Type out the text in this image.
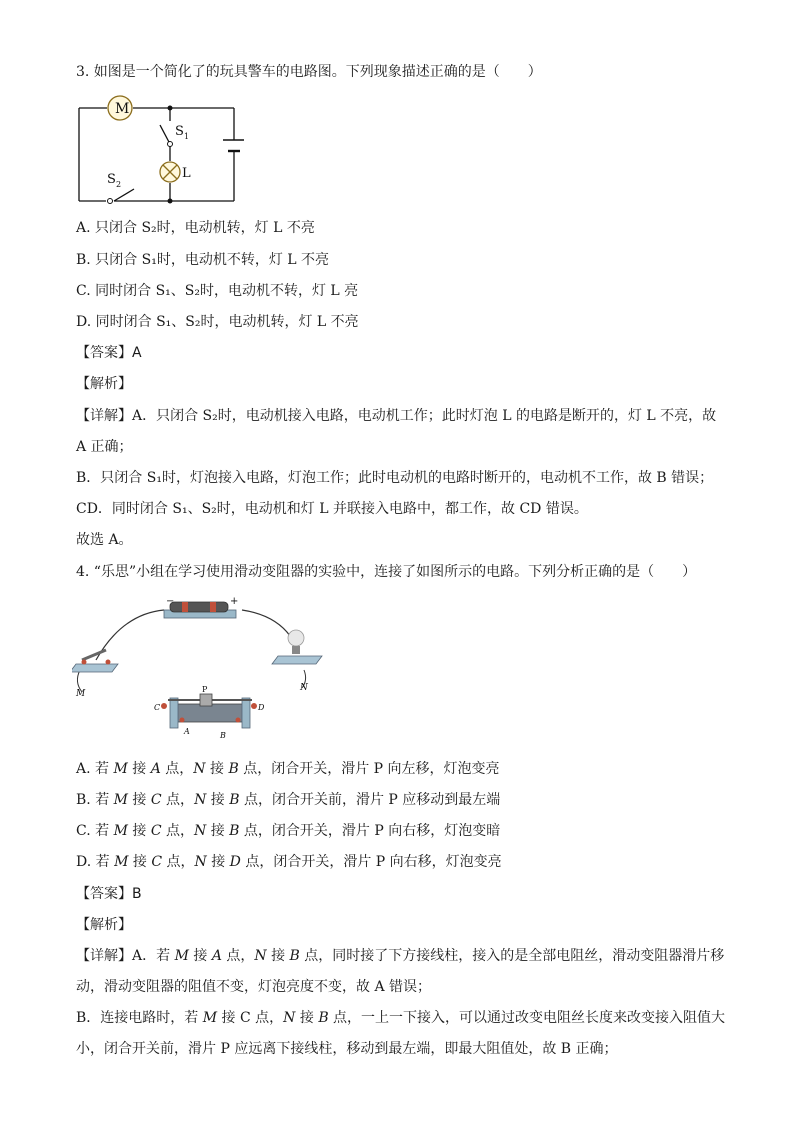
3. 如图是一个简化了的玩具警车的电路图。下列现象描述正确的是（　　）
M
S 1
L
S 2
A. 只闭合 S₂时，电动机转，灯 L 不亮
B. 只闭合 S₁时，电动机不转，灯 L 不亮
C. 同时闭合 S₁、S₂时，电动机不转，灯 L 亮
D. 同时闭合 S₁、S₂时，电动机转，灯 L 不亮
【答案】A
【解析】
【详解】A．只闭合 S₂时，电动机接入电路，电动机工作；此时灯泡 L 的电路是断开的，灯 L 不亮，故
A 正确；
B．只闭合 S₁时，灯泡接入电路，灯泡工作；此时电动机的电路时断开的，电动机不工作，故 B 错误；
CD．同时闭合 S₁、S₂时，电动机和灯 L 并联接入电路中，都工作，故 CD 错误。
故选 A。
4. “乐思”小组在学习使用滑动变阻器的实验中，连接了如图所示的电路。下列分析正确的是（　　）
−	+
M
N
P
C	D
A	B
A. 若 M 接 A 点，N 接 B 点，闭合开关，滑片 P 向左移，灯泡变亮
B. 若 M 接 C 点，N 接 B 点，闭合开关前，滑片 P 应移动到最左端
C. 若 M 接 C 点，N 接 B 点，闭合开关，滑片 P 向右移，灯泡变暗
D. 若 M 接 C 点，N 接 D 点，闭合开关，滑片 P 向右移，灯泡变亮
【答案】B
【解析】
【详解】A．若 M 接 A 点，N 接 B 点，同时接了下方接线柱，接入的是全部电阻丝，滑动变阻器滑片移
动，滑动变阻器的阻值不变，灯泡亮度不变，故 A 错误；
B．连接电路时，若 M 接 C 点，N 接 B 点，一上一下接入，可以通过改变电阻丝长度来改变接入阻值大
小，闭合开关前，滑片 P 应远离下接线柱，移动到最左端，即最大阻值处，故 B 正确；
